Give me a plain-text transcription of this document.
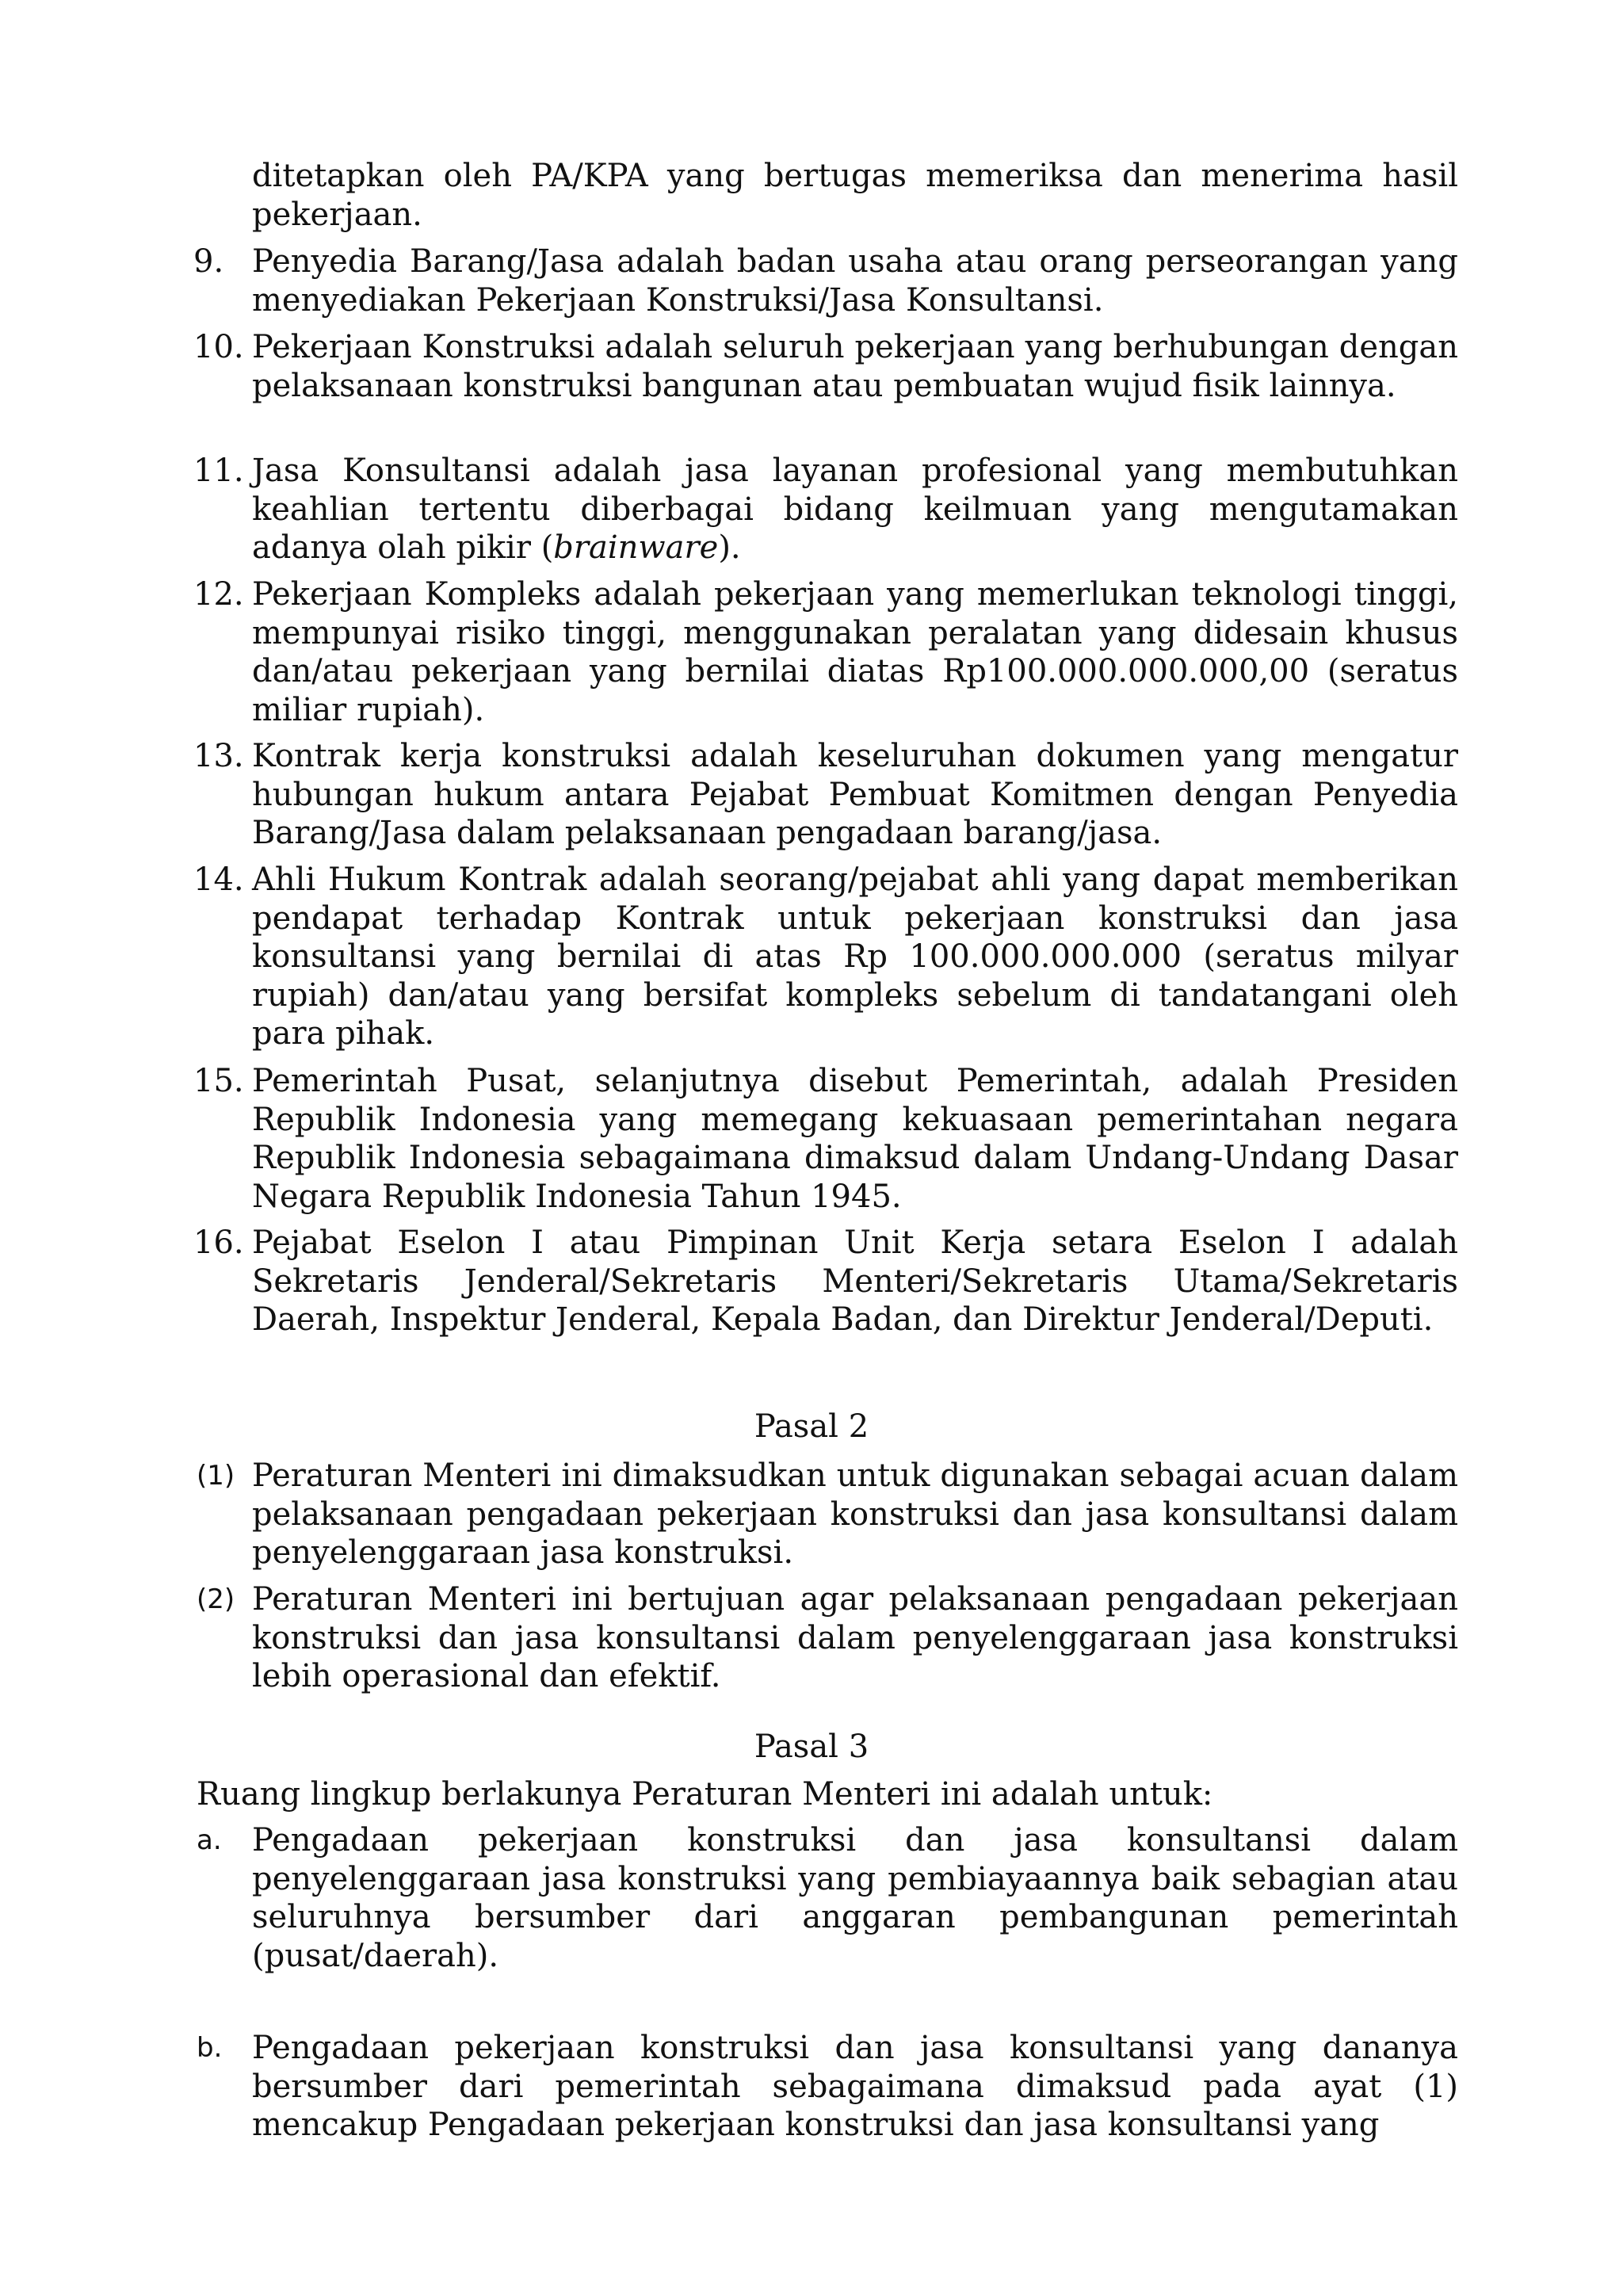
ditetapkan oleh PA/KPA yang bertugas memeriksa dan menerima hasil pekerjaan.
9. Penyedia Barang/Jasa adalah badan usaha atau orang perseorangan yang menyediakan Pekerjaan Konstruksi/Jasa Konsultansi.
10. Pekerjaan Konstruksi adalah seluruh pekerjaan yang berhubungan dengan pelaksanaan konstruksi bangunan atau pembuatan wujud fisik lainnya.
11. Jasa Konsultansi adalah jasa layanan profesional yang membutuhkan keahlian tertentu diberbagai bidang keilmuan yang mengutamakan adanya olah pikir (brainware).
12. Pekerjaan Kompleks adalah pekerjaan yang memerlukan teknologi tinggi, mempunyai risiko tinggi, menggunakan peralatan yang didesain khusus dan/atau pekerjaan yang bernilai diatas Rp100.000.000.000,00 (seratus miliar rupiah).
13. Kontrak kerja konstruksi adalah keseluruhan dokumen yang mengatur hubungan hukum antara Pejabat Pembuat Komitmen dengan Penyedia Barang/Jasa dalam pelaksanaan pengadaan barang/jasa.
14. Ahli Hukum Kontrak adalah seorang/pejabat ahli yang dapat memberikan pendapat terhadap Kontrak untuk pekerjaan konstruksi dan jasa konsultansi yang bernilai di atas Rp 100.000.000.000 (seratus milyar rupiah) dan/atau yang bersifat kompleks sebelum di tandatangani oleh para pihak.
15. Pemerintah Pusat, selanjutnya disebut Pemerintah, adalah Presiden Republik Indonesia yang memegang kekuasaan pemerintahan negara Republik Indonesia sebagaimana dimaksud dalam Undang-Undang Dasar Negara Republik Indonesia Tahun 1945.
16. Pejabat Eselon I atau Pimpinan Unit Kerja setara Eselon I adalah Sekretaris Jenderal/Sekretaris Menteri/Sekretaris Utama/Sekretaris Daerah, Inspektur Jenderal, Kepala Badan, dan Direktur Jenderal/Deputi.
Pasal 2
(1) Peraturan Menteri ini dimaksudkan untuk digunakan sebagai acuan dalam pelaksanaan pengadaan pekerjaan konstruksi dan jasa konsultansi dalam penyelenggaraan jasa konstruksi.
(2) Peraturan Menteri ini bertujuan agar pelaksanaan pengadaan pekerjaan konstruksi dan jasa konsultansi dalam penyelenggaraan jasa konstruksi lebih operasional dan efektif.
Pasal 3
Ruang lingkup berlakunya Peraturan Menteri ini adalah untuk:
a. Pengadaan pekerjaan konstruksi dan jasa konsultansi dalam penyelenggaraan jasa konstruksi yang pembiayaannya baik sebagian atau seluruhnya bersumber dari anggaran pembangunan pemerintah (pusat/daerah).
b. Pengadaan pekerjaan konstruksi dan jasa konsultansi yang dananya bersumber dari pemerintah sebagaimana dimaksud pada ayat (1) mencakup Pengadaan pekerjaan konstruksi dan jasa konsultansi yang
